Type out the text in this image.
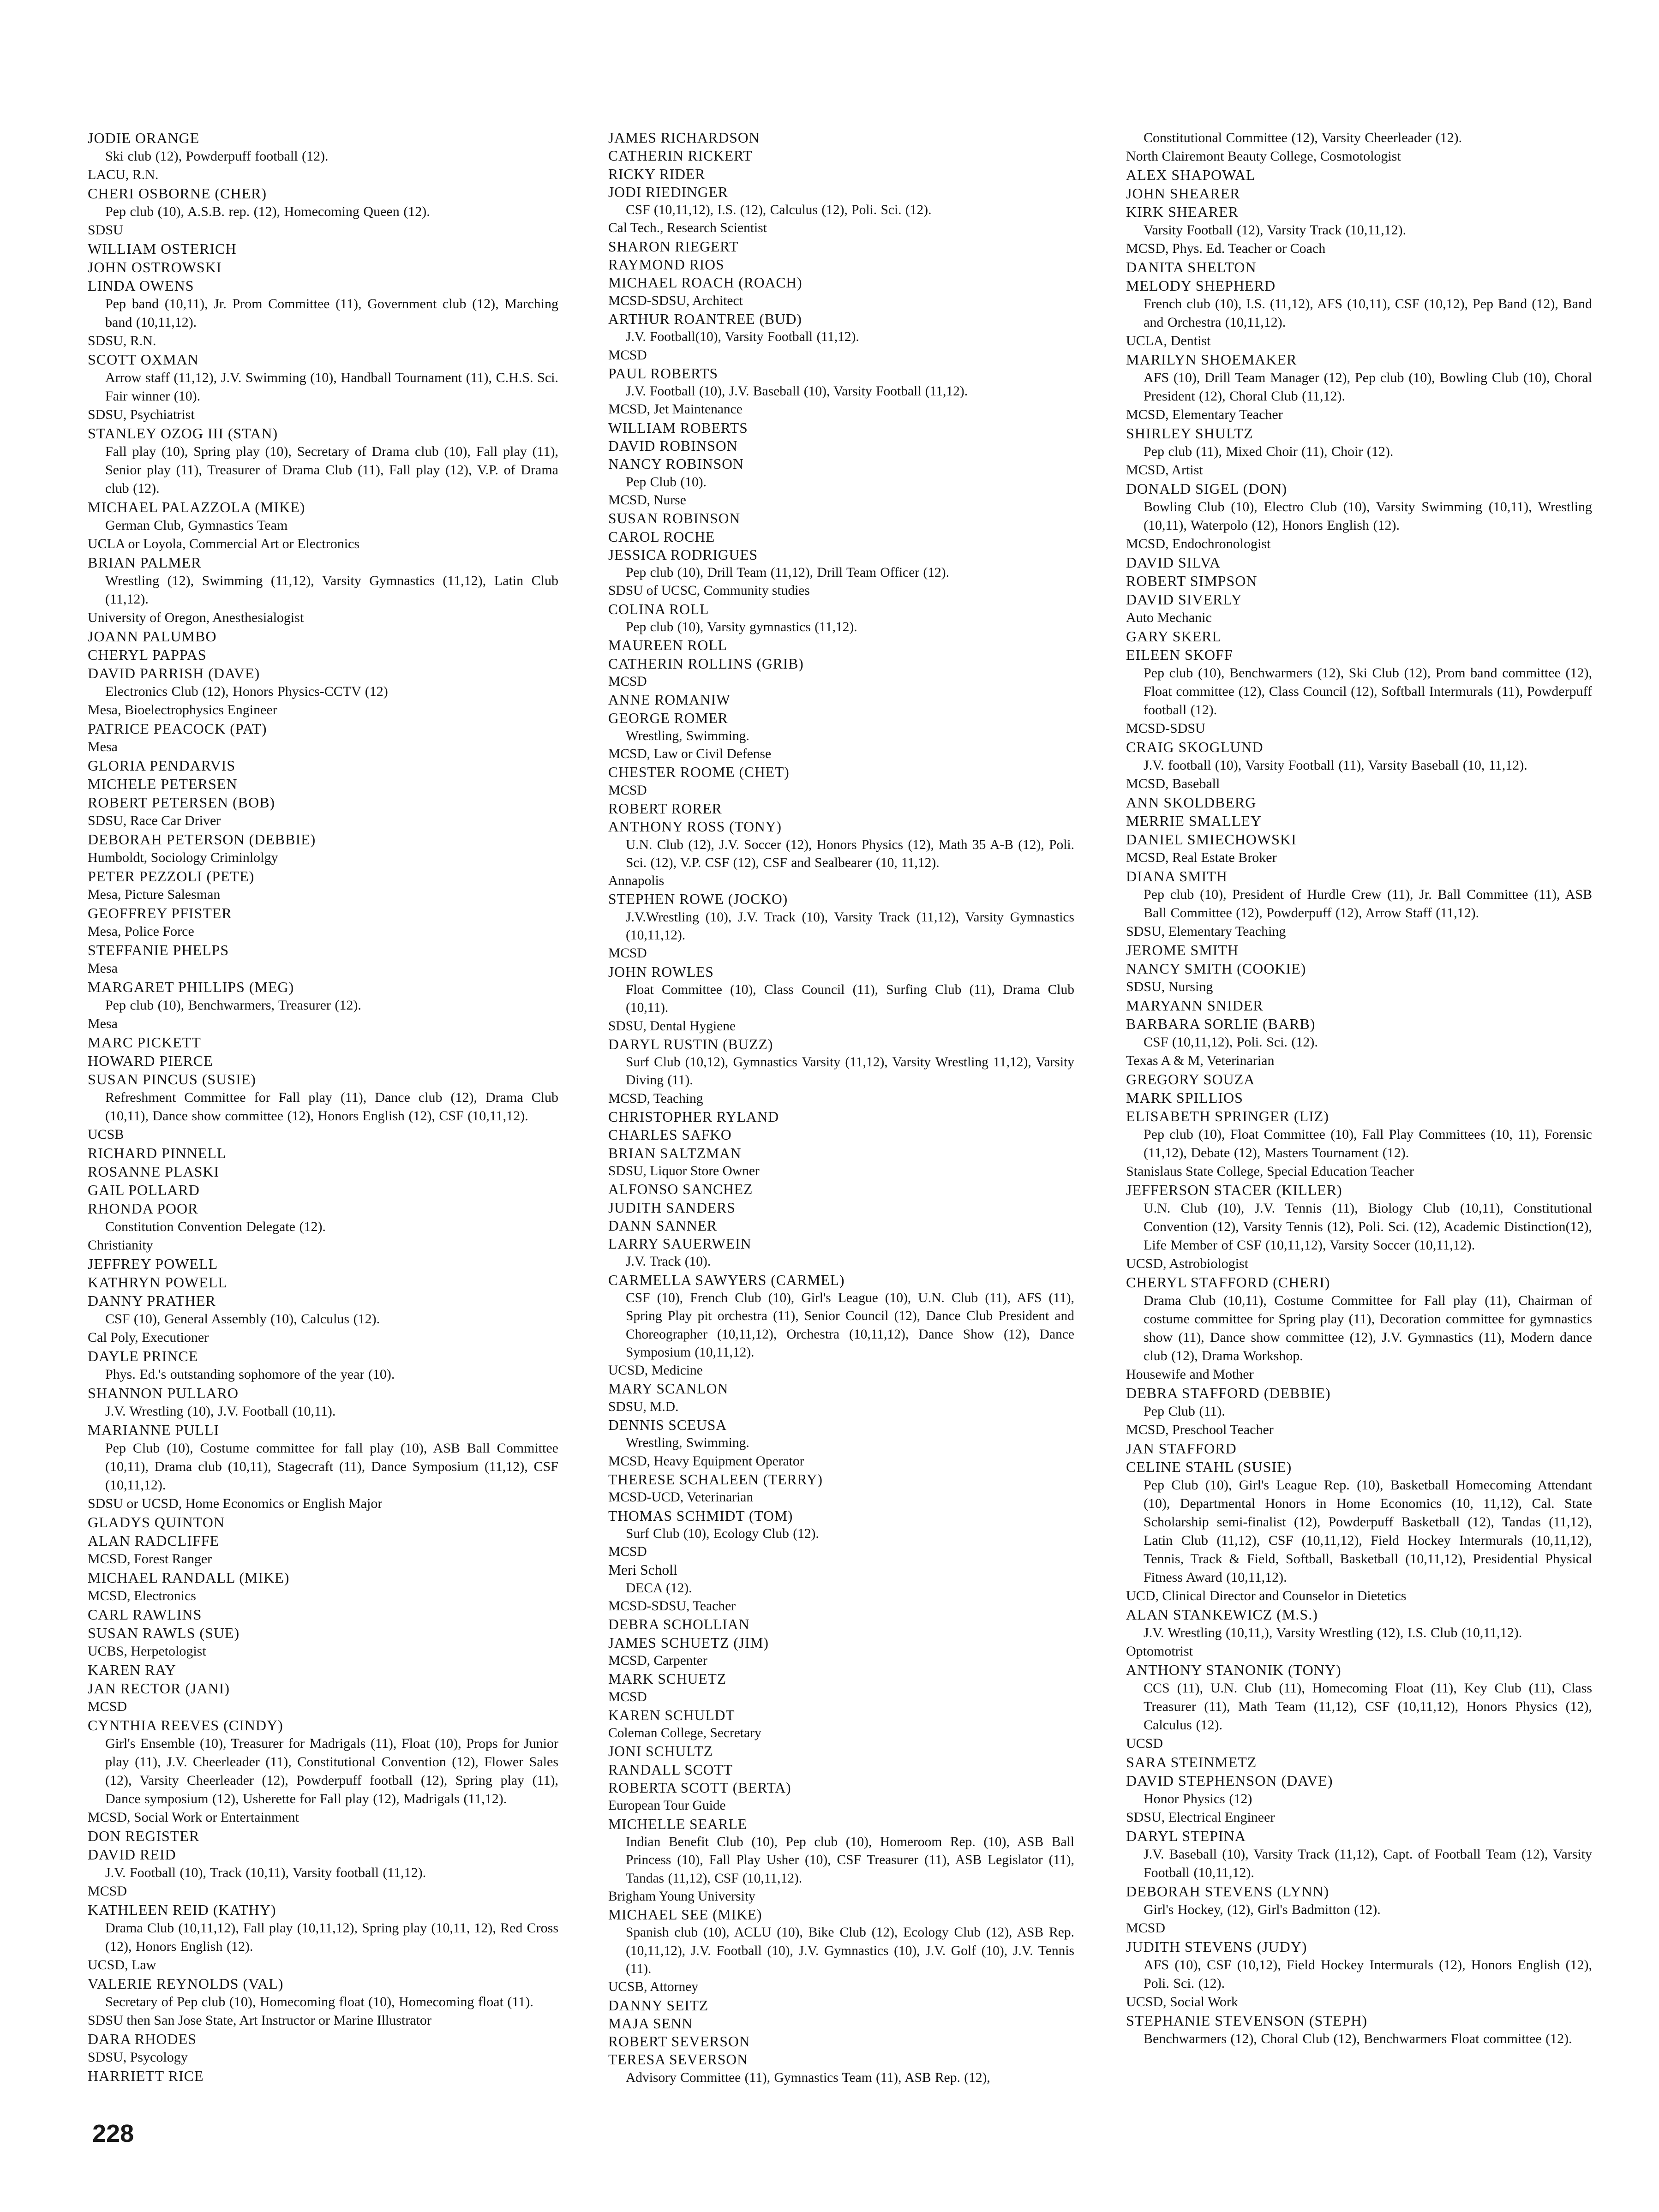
JODIE ORANGE
Ski club (12), Powderpuff football (12).
LACU, R.N.
CHERI OSBORNE (CHER)
Pep club (10), A.S.B. rep. (12), Homecoming Queen (12).
SDSU
WILLIAM OSTERICH
JOHN OSTROWSKI
LINDA OWENS
Pep band (10,11), Jr. Prom Committee (11), Government club (12), Marching band (10,11,12).
SDSU, R.N.
SCOTT OXMAN
Arrow staff (11,12), J.V. Swimming (10), Handball Tournament (11), C.H.S. Sci. Fair winner (10).
SDSU, Psychiatrist
STANLEY OZOG III (STAN)
Fall play (10), Spring play (10), Secretary of Drama club (10), Fall play (11), Senior play (11), Treasurer of Drama Club (11), Fall play (12), V.P. of Drama club (12).
MICHAEL PALAZZOLA (MIKE)
German Club, Gymnastics Team
UCLA or Loyola, Commercial Art or Electronics
BRIAN PALMER
Wrestling (12), Swimming (11,12), Varsity Gymnastics (11,12), Latin Club (11,12).
University of Oregon, Anesthesialogist
JOANN PALUMBO
CHERYL PAPPAS
DAVID PARRISH (DAVE)
Electronics Club (12), Honors Physics-CCTV (12)
Mesa, Bioelectrophysics Engineer
PATRICE PEACOCK (PAT)
Mesa
GLORIA PENDARVIS
MICHELE PETERSEN
ROBERT PETERSEN (BOB)
SDSU, Race Car Driver
DEBORAH PETERSON (DEBBIE)
Humboldt, Sociology Criminlolgy
PETER PEZZOLI (PETE)
Mesa, Picture Salesman
GEOFFREY PFISTER
Mesa, Police Force
STEFFANIE PHELPS
Mesa
MARGARET PHILLIPS (MEG)
Pep club (10), Benchwarmers, Treasurer (12).
Mesa
MARC PICKETT
HOWARD PIERCE
SUSAN PINCUS (SUSIE)
Refreshment Committee for Fall play (11), Dance club (12), Drama Club (10,11), Dance show committee (12), Honors English (12), CSF (10,11,12).
UCSB
RICHARD PINNELL
ROSANNE PLASKI
GAIL POLLARD
RHONDA POOR
Constitution Convention Delegate (12).
Christianity
JEFFREY POWELL
KATHRYN POWELL
DANNY PRATHER
CSF (10), General Assembly (10), Calculus (12).
Cal Poly, Executioner
DAYLE PRINCE
Phys. Ed.'s outstanding sophomore of the year (10).
SHANNON PULLARO
J.V. Wrestling (10), J.V. Football (10,11).
MARIANNE PULLI
Pep Club (10), Costume committee for fall play (10), ASB Ball Committee (10,11), Drama club (10,11), Stagecraft (11), Dance Symposium (11,12), CSF (10,11,12).
SDSU or UCSD, Home Economics or English Major
GLADYS QUINTON
ALAN RADCLIFFE
MCSD, Forest Ranger
MICHAEL RANDALL (MIKE)
MCSD, Electronics
CARL RAWLINS
SUSAN RAWLS (SUE)
UCBS, Herpetologist
KAREN RAY
JAN RECTOR (JANI)
MCSD
CYNTHIA REEVES (CINDY)
Girl's Ensemble (10), Treasurer for Madrigals (11), Float (10), Props for Junior play (11), J.V. Cheerleader (11), Constitutional Convention (12), Flower Sales (12), Varsity Cheerleader (12), Powderpuff football (12), Spring play (11), Dance symposium (12), Usherette for Fall play (12), Madrigals (11,12).
MCSD, Social Work or Entertainment
DON REGISTER
DAVID REID
J.V. Football (10), Track (10,11), Varsity football (11,12).
MCSD
KATHLEEN REID (KATHY)
Drama Club (10,11,12), Fall play (10,11,12), Spring play (10,11, 12), Red Cross (12), Honors English (12).
UCSD, Law
VALERIE REYNOLDS (VAL)
Secretary of Pep club (10), Homecoming float (10), Homecoming float (11).
SDSU then San Jose State, Art Instructor or Marine Illustrator
DARA RHODES
SDSU, Psycology
HARRIETT RICE
JAMES RICHARDSON
CATHERIN RICKERT
RICKY RIDER
JODI RIEDINGER
CSF (10,11,12), I.S. (12), Calculus (12), Poli. Sci. (12).
Cal Tech., Research Scientist
SHARON RIEGERT
RAYMOND RIOS
MICHAEL ROACH (ROACH)
MCSD-SDSU, Architect
ARTHUR ROANTREE (BUD)
J.V. Football(10), Varsity Football (11,12).
MCSD
PAUL ROBERTS
J.V. Football (10), J.V. Baseball (10), Varsity Football (11,12).
MCSD, Jet Maintenance
WILLIAM ROBERTS
DAVID ROBINSON
NANCY ROBINSON
Pep Club (10).
MCSD, Nurse
SUSAN ROBINSON
CAROL ROCHE
JESSICA RODRIGUES
Pep club (10), Drill Team (11,12), Drill Team Officer (12).
SDSU of UCSC, Community studies
COLINA ROLL
Pep club (10), Varsity gymnastics (11,12).
MAUREEN ROLL
CATHERIN ROLLINS (GRIB)
MCSD
ANNE ROMANIW
GEORGE ROMER
Wrestling, Swimming.
MCSD, Law or Civil Defense
CHESTER ROOME (CHET)
MCSD
ROBERT RORER
ANTHONY ROSS (TONY)
U.N. Club (12), J.V. Soccer (12), Honors Physics (12), Math 35 A-B (12), Poli. Sci. (12), V.P. CSF (12), CSF and Sealbearer (10, 11,12).
Annapolis
STEPHEN ROWE (JOCKO)
J.V.Wrestling (10), J.V. Track (10), Varsity Track (11,12), Varsity Gymnastics (10,11,12).
MCSD
JOHN ROWLES
Float Committee (10), Class Council (11), Surfing Club (11), Drama Club (10,11).
SDSU, Dental Hygiene
DARYL RUSTIN (BUZZ)
Surf Club (10,12), Gymnastics Varsity (11,12), Varsity Wrestling 11,12), Varsity Diving (11).
MCSD, Teaching
CHRISTOPHER RYLAND
CHARLES SAFKO
BRIAN SALTZMAN
SDSU, Liquor Store Owner
ALFONSO SANCHEZ
JUDITH SANDERS
DANN SANNER
LARRY SAUERWEIN
J.V. Track (10).
CARMELLA SAWYERS (CARMEL)
CSF (10), French Club (10), Girl's League (10), U.N. Club (11), AFS (11), Spring Play pit orchestra (11), Senior Council (12), Dance Club President and Choreographer (10,11,12), Orchestra (10,11,12), Dance Show (12), Dance Symposium (10,11,12).
UCSD, Medicine
MARY SCANLON
SDSU, M.D.
DENNIS SCEUSA
Wrestling, Swimming.
MCSD, Heavy Equipment Operator
THERESE SCHALEEN (TERRY)
MCSD-UCD, Veterinarian
THOMAS SCHMIDT (TOM)
Surf Club (10), Ecology Club (12).
MCSD
Meri Scholl
DECA (12).
MCSD-SDSU, Teacher
DEBRA SCHOLLIAN
JAMES SCHUETZ (JIM)
MCSD, Carpenter
MARK SCHUETZ
MCSD
KAREN SCHULDT
Coleman College, Secretary
JONI SCHULTZ
RANDALL SCOTT
ROBERTA SCOTT (BERTA)
European Tour Guide
MICHELLE SEARLE
Indian Benefit Club (10), Pep club (10), Homeroom Rep. (10), ASB Ball Princess (10), Fall Play Usher (10), CSF Treasurer (11), ASB Legislator (11), Tandas (11,12), CSF (10,11,12).
Brigham Young University
MICHAEL SEE (MIKE)
Spanish club (10), ACLU (10), Bike Club (12), Ecology Club (12), ASB Rep. (10,11,12), J.V. Football (10), J.V. Gymnastics (10), J.V. Golf (10), J.V. Tennis (11).
UCSB, Attorney
DANNY SEITZ
MAJA SENN
ROBERT SEVERSON
TERESA SEVERSON
Advisory Committee (11), Gymnastics Team (11), ASB Rep. (12),
Constitutional Committee (12), Varsity Cheerleader (12).
North Clairemont Beauty College, Cosmotologist
ALEX SHAPOWAL
JOHN SHEARER
KIRK SHEARER
Varsity Football (12), Varsity Track (10,11,12).
MCSD, Phys. Ed. Teacher or Coach
DANITA SHELTON
MELODY SHEPHERD
French club (10), I.S. (11,12), AFS (10,11), CSF (10,12), Pep Band (12), Band and Orchestra (10,11,12).
UCLA, Dentist
MARILYN SHOEMAKER
AFS (10), Drill Team Manager (12), Pep club (10), Bowling Club (10), Choral President (12), Choral Club (11,12).
MCSD, Elementary Teacher
SHIRLEY SHULTZ
Pep club (11), Mixed Choir (11), Choir (12).
MCSD, Artist
DONALD SIGEL (DON)
Bowling Club (10), Electro Club (10), Varsity Swimming (10,11), Wrestling (10,11), Waterpolo (12), Honors English (12).
MCSD, Endochronologist
DAVID SILVA
ROBERT SIMPSON
DAVID SIVERLY
Auto Mechanic
GARY SKERL
EILEEN SKOFF
Pep club (10), Benchwarmers (12), Ski Club (12), Prom band committee (12), Float committee (12), Class Council (12), Softball Intermurals (11), Powderpuff football (12).
MCSD-SDSU
CRAIG SKOGLUND
J.V. football (10), Varsity Football (11), Varsity Baseball (10, 11,12).
MCSD, Baseball
ANN SKOLDBERG
MERRIE SMALLEY
DANIEL SMIECHOWSKI
MCSD, Real Estate Broker
DIANA SMITH
Pep club (10), President of Hurdle Crew (11), Jr. Ball Committee (11), ASB Ball Committee (12), Powderpuff (12), Arrow Staff (11,12).
SDSU, Elementary Teaching
JEROME SMITH
NANCY SMITH (COOKIE)
SDSU, Nursing
MARYANN SNIDER
BARBARA SORLIE (BARB)
CSF (10,11,12), Poli. Sci. (12).
Texas A & M, Veterinarian
GREGORY SOUZA
MARK SPILLIOS
ELISABETH SPRINGER (LIZ)
Pep club (10), Float Committee (10), Fall Play Committees (10, 11), Forensic (11,12), Debate (12), Masters Tournament (12).
Stanislaus State College, Special Education Teacher
JEFFERSON STACER (KILLER)
U.N. Club (10), J.V. Tennis (11), Biology Club (10,11), Constitutional Convention (12), Varsity Tennis (12), Poli. Sci. (12), Academic Distinction(12), Life Member of CSF (10,11,12), Varsity Soccer (10,11,12).
UCSD, Astrobiologist
CHERYL STAFFORD (CHERI)
Drama Club (10,11), Costume Committee for Fall play (11), Chairman of costume committee for Spring play (11), Decoration committee for gymnastics show (11), Dance show committee (12), J.V. Gymnastics (11), Modern dance club (12), Drama Workshop.
Housewife and Mother
DEBRA STAFFORD (DEBBIE)
Pep Club (11).
MCSD, Preschool Teacher
JAN STAFFORD
CELINE STAHL (SUSIE)
Pep Club (10), Girl's League Rep. (10), Basketball Homecoming Attendant (10), Departmental Honors in Home Economics (10, 11,12), Cal. State Scholarship semi-finalist (12), Powderpuff Basketball (12), Tandas (11,12), Latin Club (11,12), CSF (10,11,12), Field Hockey Intermurals (10,11,12), Tennis, Track & Field, Softball, Basketball (10,11,12), Presidential Physical Fitness Award (10,11,12).
UCD, Clinical Director and Counselor in Dietetics
ALAN STANKEWICZ (M.S.)
J.V. Wrestling (10,11,), Varsity Wrestling (12), I.S. Club (10,11,12).
Optomotrist
ANTHONY STANONIK (TONY)
CCS (11), U.N. Club (11), Homecoming Float (11), Key Club (11), Class Treasurer (11), Math Team (11,12), CSF (10,11,12), Honors Physics (12), Calculus (12).
UCSD
SARA STEINMETZ
DAVID STEPHENSON (DAVE)
Honor Physics (12)
SDSU, Electrical Engineer
DARYL STEPINA
J.V. Baseball (10), Varsity Track (11,12), Capt. of Football Team (12), Varsity Football (10,11,12).
DEBORAH STEVENS (LYNN)
Girl's Hockey, (12), Girl's Badmitton (12).
MCSD
JUDITH STEVENS (JUDY)
AFS (10), CSF (10,12), Field Hockey Intermurals (12), Honors English (12), Poli. Sci. (12).
UCSD, Social Work
STEPHANIE STEVENSON (STEPH)
Benchwarmers (12), Choral Club (12), Benchwarmers Float committee (12).
228
